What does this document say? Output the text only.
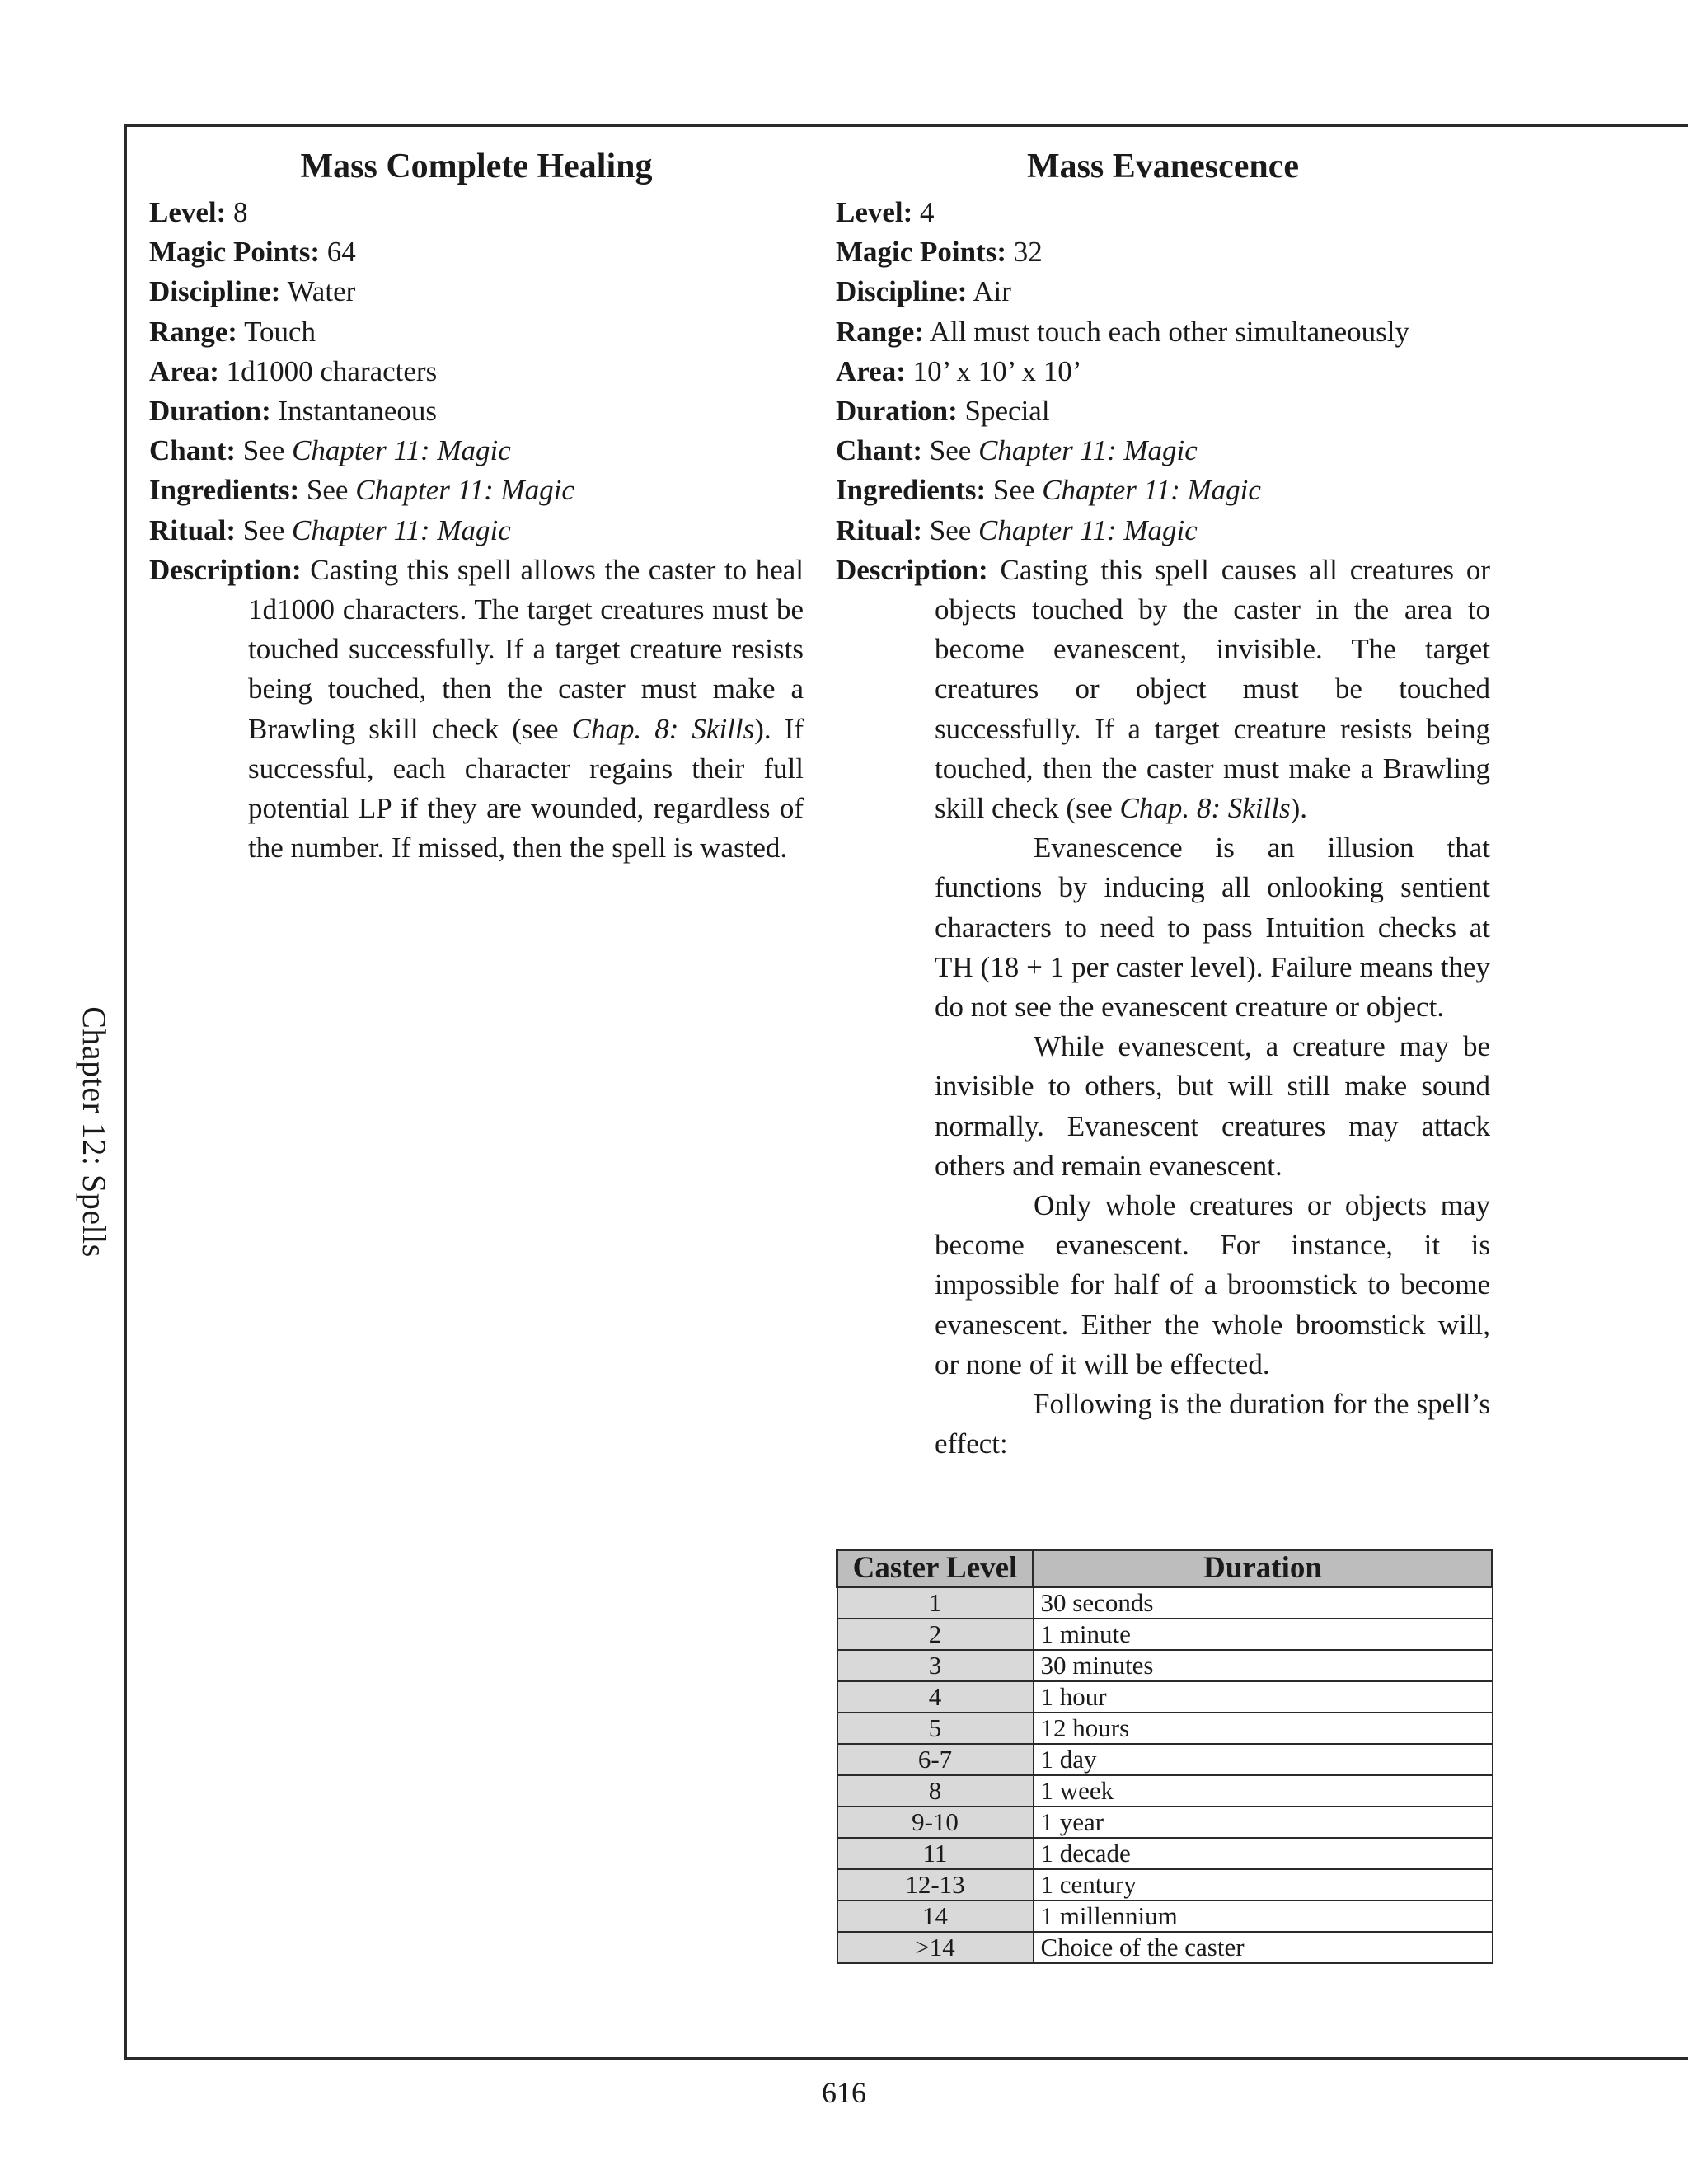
Chapter 12: Spells
Mass Complete Healing

Level: 8

Magic Points: 64

Discipline: Water

Range: Touch

Area: 1d1000 characters

Duration: Instantaneous

Chant: See Chapter 11: Magic

Ingredients: See Chapter 11: Magic

Ritual: See Chapter 11: Magic

Description: Casting this spell allows the caster to heal 1d1000 characters. The target creatures must be touched successfully. If a target creature resists being touched, then the caster must make a Brawling skill check (see Chap. 8: Skills). If successful, each character regains their full potential LP if they are wounded, regardless of the number. If missed, then the spell is wasted.

Mass Evanescence

Level: 4

Magic Points: 32

Discipline: Air

Range: All must touch each other simultaneously

Area: 10’ x 10’ x 10’

Duration: Special

Chant: See Chapter 11: Magic

Ingredients: See Chapter 11: Magic

Ritual: See Chapter 11: Magic

Description: Casting this spell causes all creatures or objects touched by the caster in the area to become evanescent, invisible. The target creatures or object must be touched successfully. If a target creature resists being touched, then the caster must make a Brawling skill check (see Chap. 8: Skills).

Evanescence is an illusion that functions by inducing all onlooking sentient characters to need to pass Intuition checks at TH (18 + 1 per caster level). Failure means they do not see the evanescent creature or object.

While evanescent, a creature may be invisible to others, but will still make sound normally. Evanescent creatures may attack others and remain evanescent.

Only whole creatures or objects may become evanescent. For instance, it is impossible for half of a broomstick to become evanescent. Either the whole broomstick will, or none of it will be effected.

Following is the duration for the spell’s effect:

Caster Level	Duration
1	30 seconds
2	1 minute
3	30 minutes
4	1 hour
5	12 hours
6-7	1 day
8	1 week
9-10	1 year
11	1 decade
12-13	1 century
14	1 millennium
>14	Choice of the caster
616
